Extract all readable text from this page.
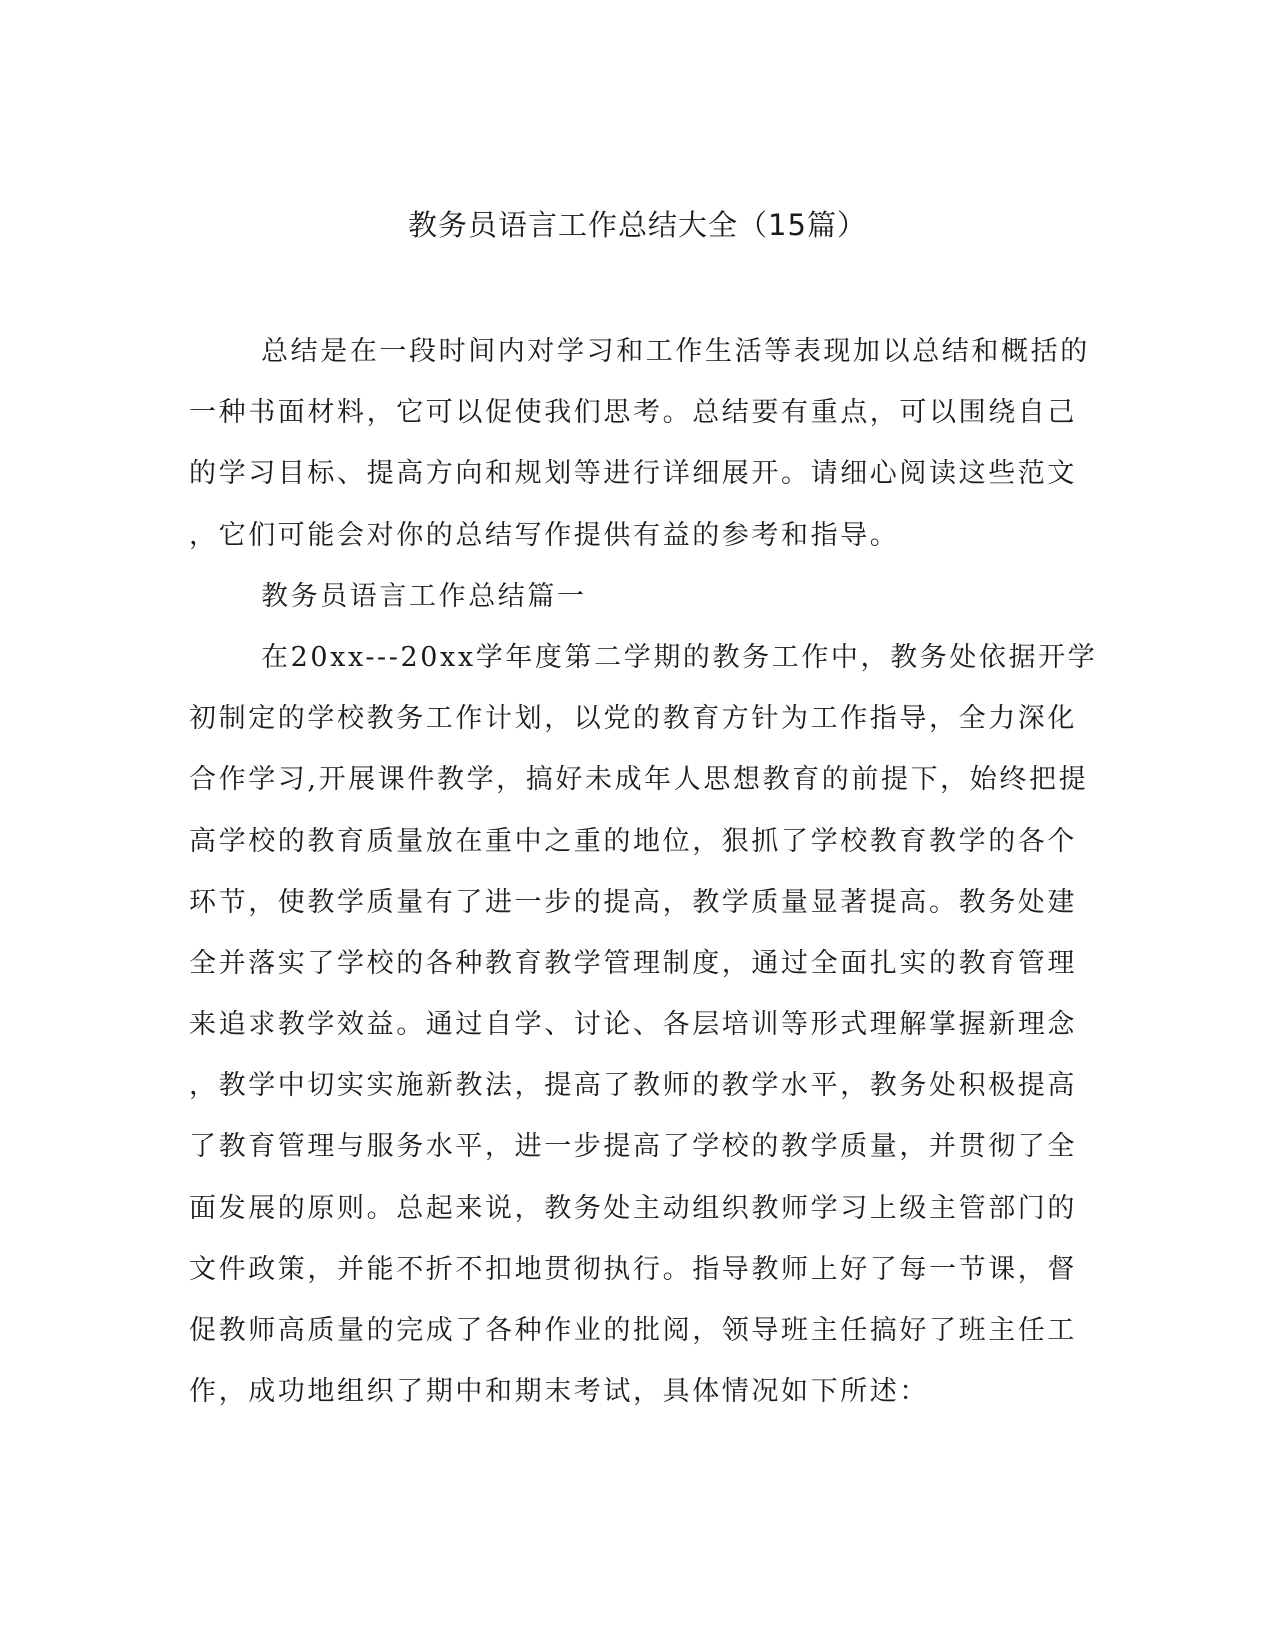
教务员语言工作总结大全（15篇）
总结是在一段时间内对学习和工作生活等表现加以总结和概括的
一种书面材料，它可以促使我们思考。总结要有重点，可以围绕自己
的学习目标、提高方向和规划等进行详细展开。请细心阅读这些范文
，它们可能会对你的总结写作提供有益的参考和指导。
教务员语言工作总结篇一
在20xx---20xx学年度第二学期的教务工作中，教务处依据开学
初制定的学校教务工作计划，以党的教育方针为工作指导，全力深化
合作学习,开展课件教学，搞好未成年人思想教育的前提下，始终把提
高学校的教育质量放在重中之重的地位，狠抓了学校教育教学的各个
环节，使教学质量有了进一步的提高，教学质量显著提高。教务处建
全并落实了学校的各种教育教学管理制度，通过全面扎实的教育管理
来追求教学效益。通过自学、讨论、各层培训等形式理解掌握新理念
，教学中切实实施新教法，提高了教师的教学水平，教务处积极提高
了教育管理与服务水平，进一步提高了学校的教学质量，并贯彻了全
面发展的原则。总起来说，教务处主动组织教师学习上级主管部门的
文件政策，并能不折不扣地贯彻执行。指导教师上好了每一节课，督
促教师高质量的完成了各种作业的批阅，领导班主任搞好了班主任工
作，成功地组织了期中和期末考试，具体情况如下所述：
